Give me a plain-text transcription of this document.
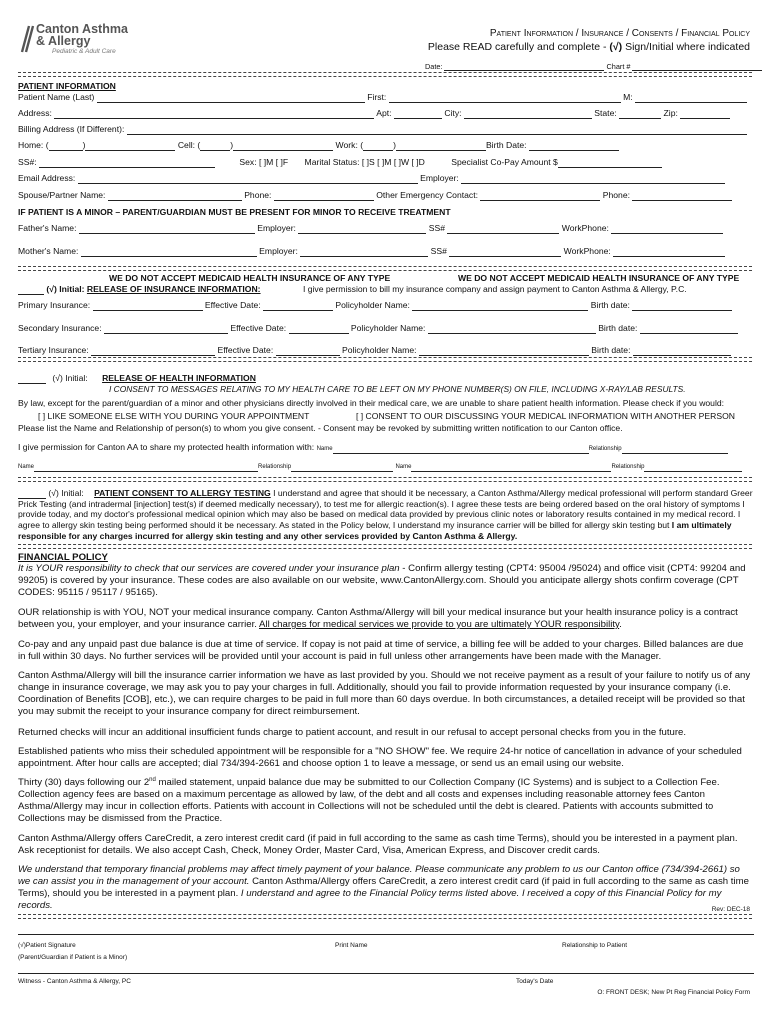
Canton Asthma
& Allergy
Pediatric & Adult Care
Patient Information / Insurance / Consents / Financial Policy
Please READ carefully and complete - (√) Sign/Initial where indicated
Date:	Chart #
PATIENT INFORMATION
Patient Name (Last)	First:	M:
Address:	Apt:	City:	State:	Zip:
Billing Address (If Different):
Home: (	)	Cell: (	)	Work: (	)	Birth Date:
SS#:	Sex: [ ]M [ ]F Marital Status: [ ]S [ ]M [ ]W [ ]D	Specialist Co-Pay Amount $
Email Address:	Employer:
Spouse/Partner Name:	Phone:	Other Emergency Contact:	Phone:
IF PATIENT IS A MINOR – PARENT/GUARDIAN MUST BE PRESENT FOR MINOR TO RECEIVE TREATMENT
Father's Name:	Employer:	SS#	WorkPhone:
Mother's Name:	Employer:	SS#	WorkPhone:
WE DO NOT ACCEPT MEDICAID HEALTH INSURANCE OF ANY TYPE	WE DO NOT ACCEPT MEDICAID HEALTH INSURANCE OF ANY TYPE
(√) Initial: RELEASE OF INSURANCE INFORMATION:	I give permission to bill my insurance company and assign payment to Canton Asthma & Allergy, P.C.
Primary Insurance:	Effective Date:	Policyholder Name:	Birth date:
Secondary Insurance:	Effective Date:	Policyholder Name:	Birth date:
Tertiary Insurance:	Effective Date:	Policyholder Name:	Birth date:
(√) Initial: RELEASE OF HEALTH INFORMATION
I CONSENT TO MESSAGES RELATING TO MY HEALTH CARE TO BE LEFT ON MY PHONE NUMBER(S) ON FILE, INCLUDING X-RAY/LAB RESULTS.
By law, except for the parent/guardian of a minor and other physicians directly involved in their medical care, we are unable to share patient health information. Please check if you would:
[ ] LIKE SOMEONE ELSE WITH YOU DURING YOUR APPOINTMENT	[ ] CONSENT TO OUR DISCUSSING YOUR MEDICAL INFORMATION WITH ANOTHER PERSON
Please list the Name and Relationship of person(s) to whom you give consent. - Consent may be revoked by submitting written notification to our Canton office.
I give permission for Canton AA to share my protected health information with: Name	Relationship
Name	Relationship	Name	Relationship
(√) Initial: PATIENT CONSENT TO ALLERGY TESTING I understand and agree that should it be necessary, a Canton Asthma/Allergy medical professional will perform standard Greer Prick Testing (and intradermal [injection] test(s) if deemed medically necessary), to test me for allergic reaction(s). I agree these tests are being ordered based on the oral history of symptoms I provide today, and my doctor's professional medical opinion which may also be based on medical data provided by previous clinic notes or laboratory results contained in my medical record. I agree to allergy skin testing being performed should it be necessary. As stated in the Policy below, I understand my insurance carrier will be billed for allergy skin testing but I am ultimately responsible for any charges incurred for allergy skin testing and any other services provided by Canton Asthma & Allergy.
FINANCIAL POLICY
It is YOUR responsibility to check that our services are covered under your insurance plan - Confirm allergy testing (CPT4: 95004 /95024) and office visit (CPT4: 99204 and 99205) is covered by your insurance. These codes are also available on our website, www.CantonAllergy.com. Should you anticipate allergy shots confirm coverage (CPT CODES: 95115 / 95117 / 95165).
OUR relationship is with YOU, NOT your medical insurance company. Canton Asthma/Allergy will bill your medical insurance but your health insurance policy is a contract between you, your employer, and your insurance carrier. All charges for medical services we provide to you are ultimately YOUR responsibility.
Co-pay and any unpaid past due balance is due at time of service. If copay is not paid at time of service, a billing fee will be added to your charges. Billed balances are due in full within 30 days. No further services will be provided until your account is paid in full unless other arrangements have been made with the Manager.
Canton Asthma/Allergy will bill the insurance carrier information we have as last provided by you. Should we not receive payment as a result of your failure to notify us of any change in insurance coverage, we may ask you to pay your charges in full. Additionally, should you fail to provide information requested by your insurance company (i.e. Coordination of Benefits [COB], etc.), we can require charges to be paid in full more than 60 days overdue. In both circumstances, a detailed receipt will be provided so that you may submit the receipt to your insurance company for direct reimbursement.
Returned checks will incur an additional insufficient funds charge to patient account, and result in our refusal to accept personal checks from you in the future.
Established patients who miss their scheduled appointment will be responsible for a "NO SHOW" fee. We require 24-hr notice of cancellation in advance of your scheduled appointment. After hour calls are accepted; dial 734/394-2661 and choose option 1 to leave a message, or send us an email using our website.
Thirty (30) days following our 2nd mailed statement, unpaid balance due may be submitted to our Collection Company (IC Systems) and is subject to a Collection Fee. Collection agency fees are based on a maximum percentage as allowed by law, of the debt and all costs and expenses including reasonable attorney fees Canton Asthma/Allergy may incur in collection efforts. Patients with account in Collections will not be scheduled until the debt is cleared. Patients with accounts submitted to Collections may be dismissed from the Practice.
Canton Asthma/Allergy offers CareCredit, a zero interest credit card (if paid in full according to the same as cash time Terms), should you be interested in a payment plan. Ask receptionist for details. We also accept Cash, Check, Money Order, Master Card, Visa, American Express, and Discover credit cards.
We understand that temporary financial problems may affect timely payment of your balance. Please communicate any problem to us our Canton office (734/394-2661) so we can assist you in the management of your account. Canton Asthma/Allergy offers CareCredit, a zero interest credit card (if paid in full according to the same as cash time Terms), should you be interested in a payment plan. I understand and agree to the Financial Policy terms listed above. I received a copy of this Financial Policy for my records.	Rev: DEC-18
(√)Patient Signature	Print Name	Relationship to Patient
(Parent/Guardian if Patient is a Minor)
Witness - Canton Asthma & Allergy, PC	Today's Date
O: FRONT DESK; New Pt Reg Financial Policy Form
